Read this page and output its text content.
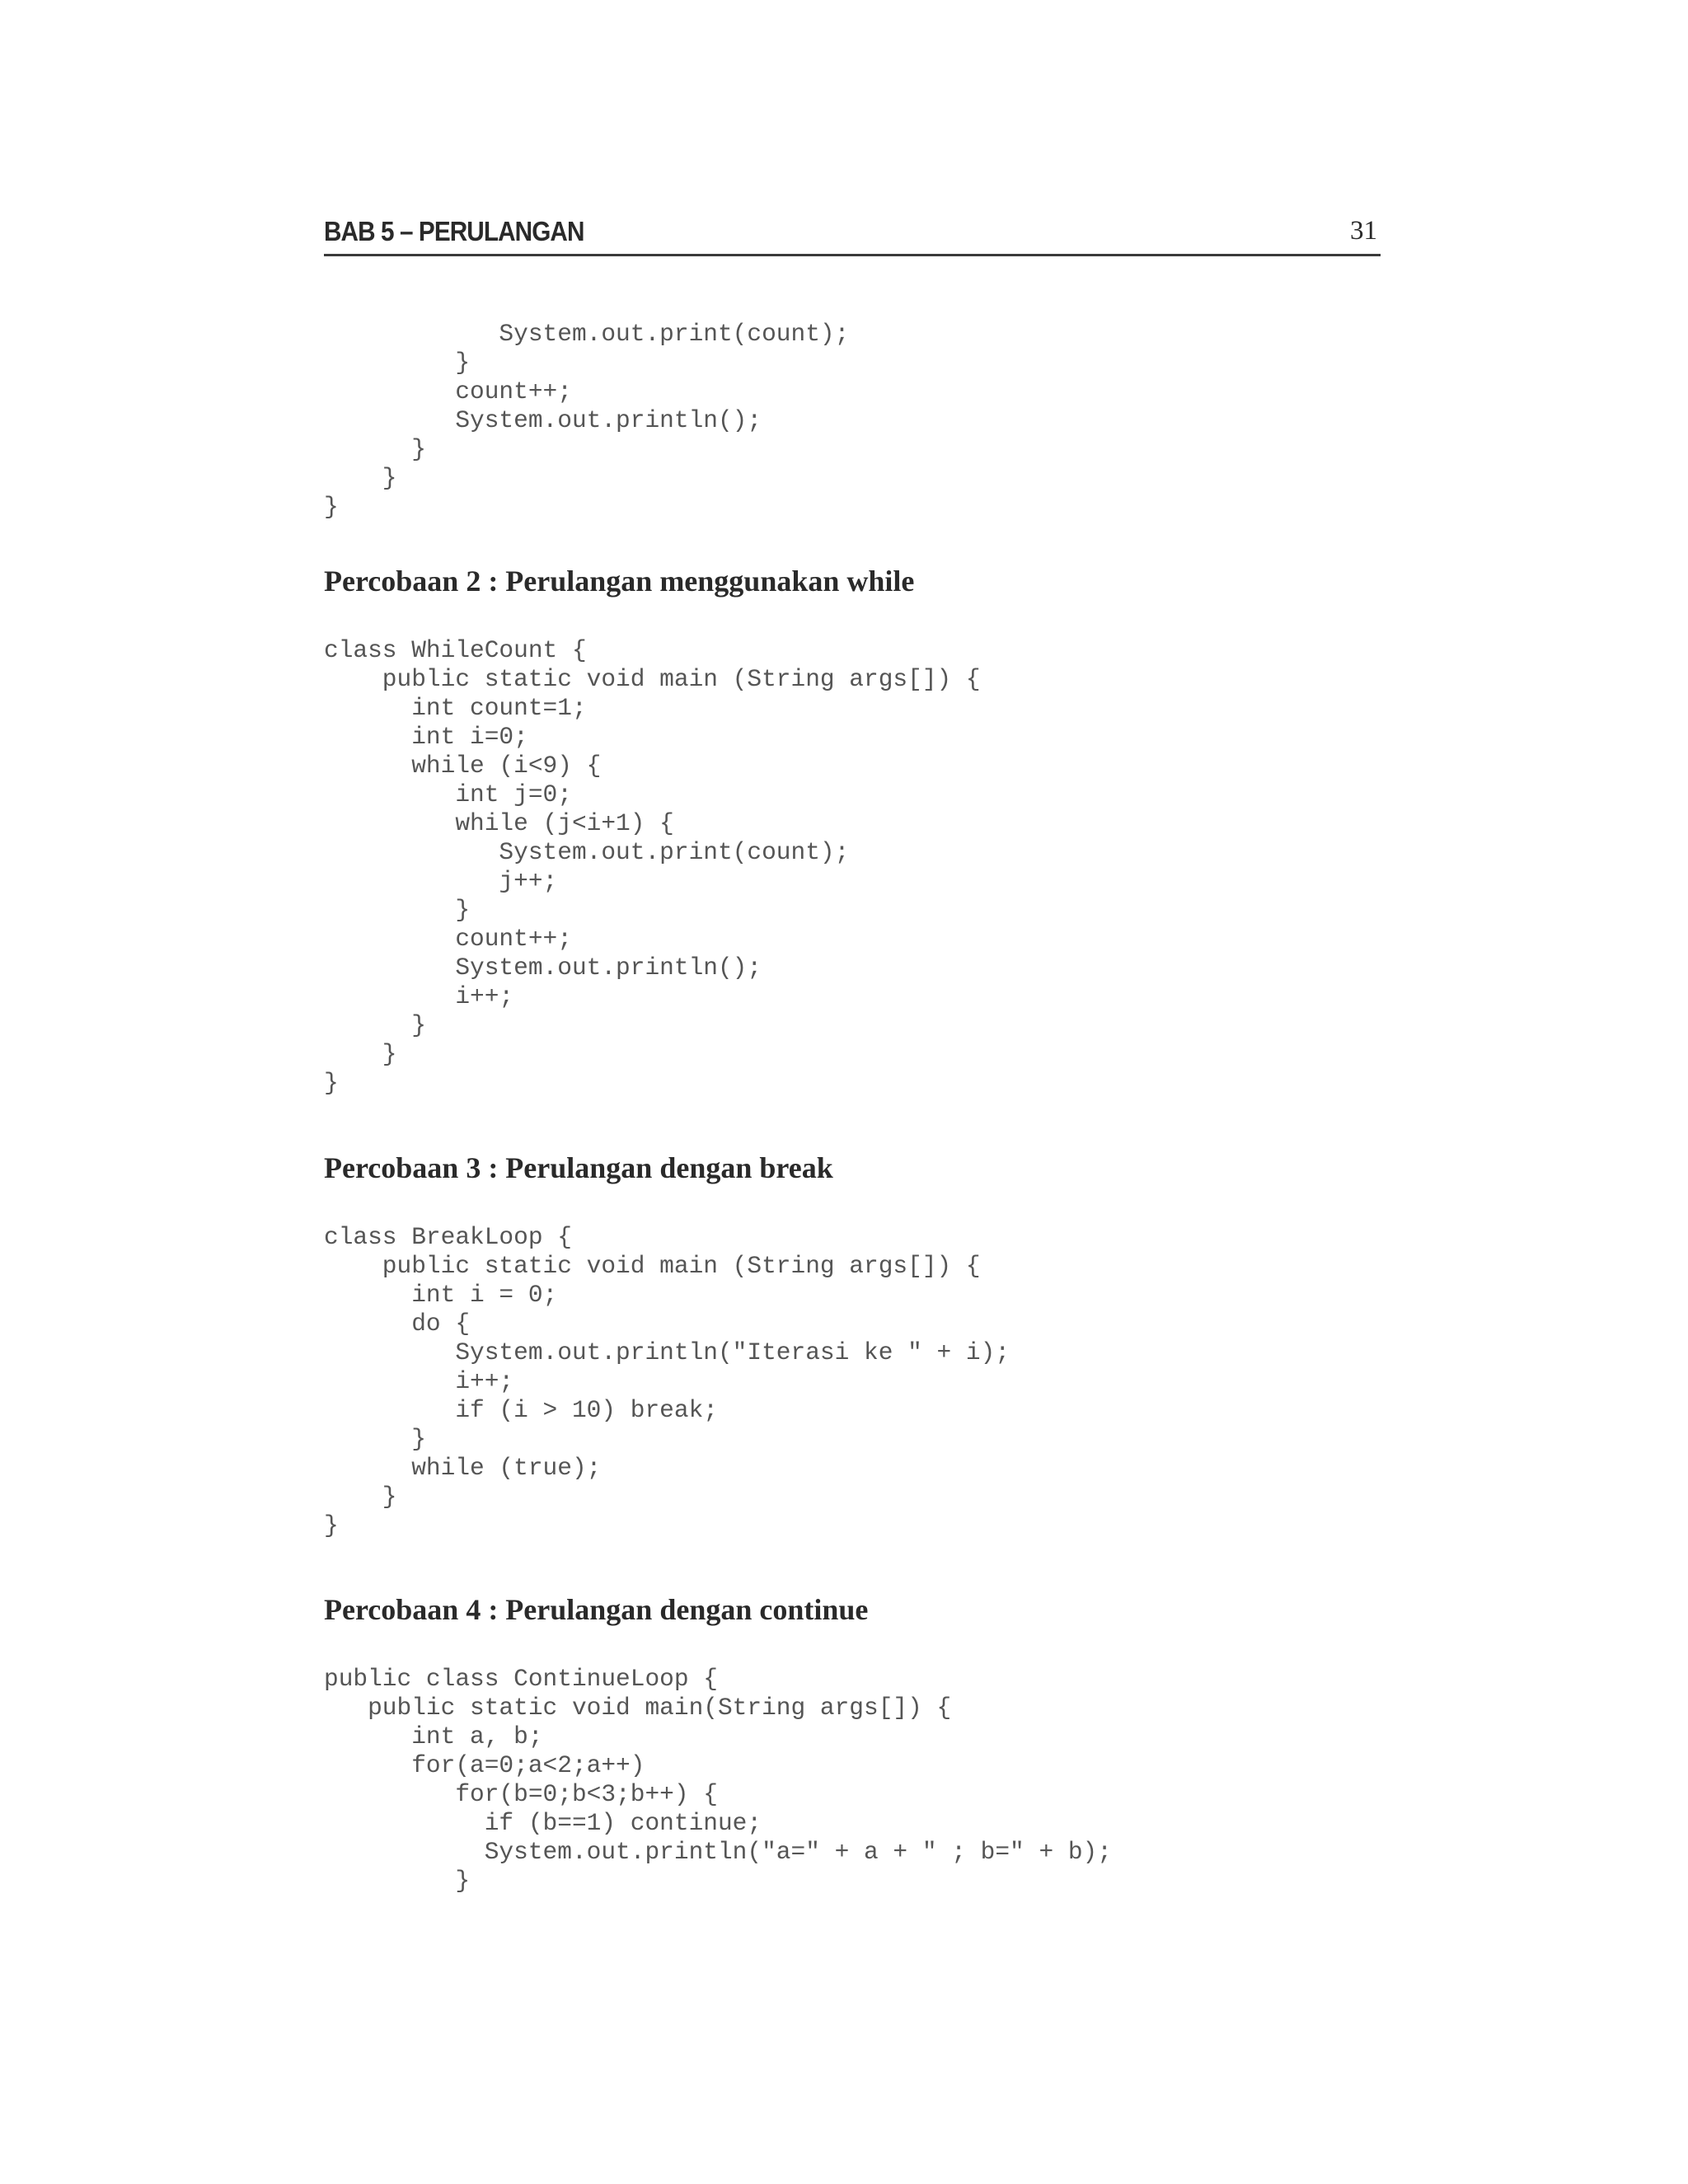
BAB 5 – PERULANGAN	31
System.out.print(count);
}
count++;
System.out.println();
}
}
}
Percobaan 2 : Perulangan menggunakan while
class WhileCount {
public static void main (String args[]) {
int count=1;
int i=0;
while (i<9) {
int j=0;
while (j<i+1) {
System.out.print(count);
j++;
}
count++;
System.out.println();
i++;
}
}
}
Percobaan 3 : Perulangan dengan break
class BreakLoop {
public static void main (String args[]) {
int i = 0;
do {
System.out.println("Iterasi ke " + i);
i++;
if (i > 10) break;
}
while (true);
}
}
Percobaan 4 : Perulangan dengan continue
public class ContinueLoop {
public static void main(String args[]) {
int a, b;
for(a=0;a<2;a++)
for(b=0;b<3;b++) {
if (b==1) continue;
System.out.println("a=" + a + " ; b=" + b);
}
